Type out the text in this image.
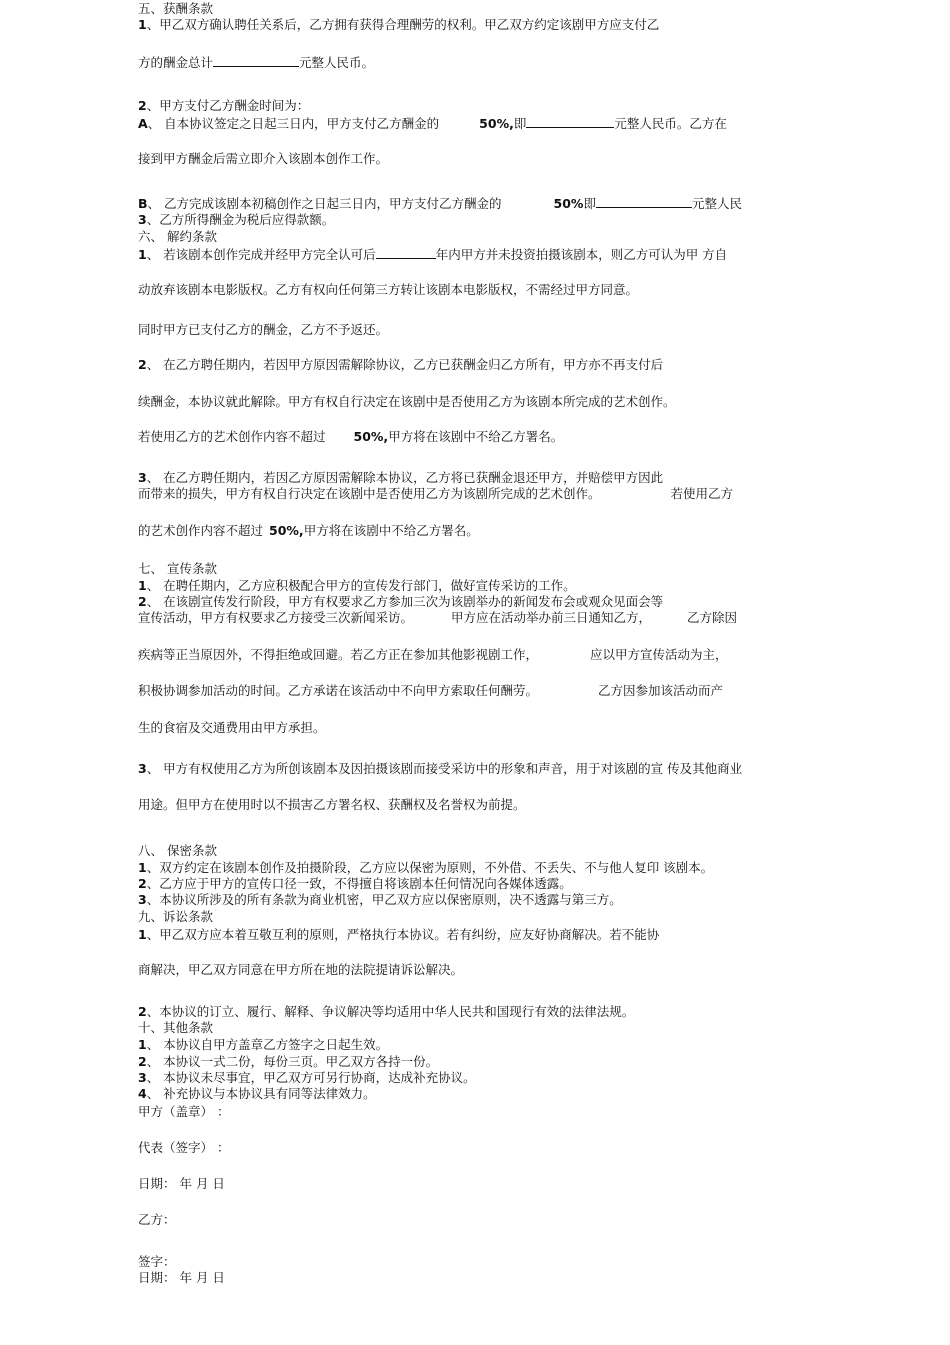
五、获酬条款
1、甲乙双方确认聘任关系后，乙方拥有获得合理酬劳的权利。甲乙双方约定该剧甲方应支付乙
方的酬金总计	元整人民币。
2、甲方支付乙方酬金时间为：
A、 自本协议签定之日起三日内，甲方支付乙方酬金的	50%,即	元整人民币。乙方在
接到甲方酬金后需立即介入该剧本创作工作。
B、 乙方完成该剧本初稿创作之日起三日内，甲方支付乙方酬金的	50%即	元整人民
3、乙方所得酬金为税后应得款额。
六、 解约条款
1、 若该剧本创作完成并经甲方完全认可后	年内甲方并未投资拍摄该剧本，则乙方可认为甲 方自
动放弃该剧本电影版权。乙方有权向任何第三方转让该剧本电影版权，不需经过甲方同意。
同时甲方已支付乙方的酬金，乙方不予返还。
2、 在乙方聘任期内，若因甲方原因需解除协议，乙方已获酬金归乙方所有，甲方亦不再支付后
续酬金，本协议就此解除。甲方有权自行决定在该剧中是否使用乙方为该剧本所完成的艺术创作。
若使用乙方的艺术创作内容不超过 50%,甲方将在该剧中不给乙方署名。
3、 在乙方聘任期内，若因乙方原因需解除本协议，乙方将已获酬金退还甲方，并赔偿甲方因此
而带来的损失，甲方有权自行决定在该剧中是否使用乙方为该剧所完成的艺术创作。	若使用乙方
的艺术创作内容不超过 50%,甲方将在该剧中不给乙方署名。
七、 宣传条款
1、 在聘任期内，乙方应积极配合甲方的宣传发行部门，做好宣传采访的工作。
2、 在该剧宣传发行阶段，甲方有权要求乙方参加三次为该剧举办的新闻发布会或观众见面会等
宣传活动，甲方有权要求乙方接受三次新闻采访。	甲方应在活动举办前三日通知乙方，	乙方除因
疾病等正当原因外，不得拒绝或回避。若乙方正在参加其他影视剧工作，	应以甲方宣传活动为主，
积极协调参加活动的时间。乙方承诺在该活动中不向甲方索取任何酬劳。	乙方因参加该活动而产
生的食宿及交通费用由甲方承担。
3、 甲方有权使用乙方为所创该剧本及因拍摄该剧而接受采访中的形象和声音，用于对该剧的宣 传及其他商业
用途。但甲方在使用时以不损害乙方署名权、获酬权及名誉权为前提。
八、 保密条款
1、双方约定在该剧本创作及拍摄阶段，乙方应以保密为原则，不外借、不丢失、不与他人复印 该剧本。
2、乙方应于甲方的宣传口径一致，不得擅自将该剧本任何情况向各媒体透露。
3、本协议所涉及的所有条款为商业机密，甲乙双方应以保密原则，决不透露与第三方。
九、诉讼条款
1、甲乙双方应本着互敬互利的原则，严格执行本协议。若有纠纷，应友好协商解决。若不能协
商解决，甲乙双方同意在甲方所在地的法院提请诉讼解决。
2、本协议的订立、履行、解释、争议解决等均适用中华人民共和国现行有效的法律法规。
十、其他条款
1、 本协议自甲方盖章乙方签字之日起生效。
2、 本协议一式二份，每份三页。甲乙双方各持一份。
3、 本协议未尽事宜，甲乙双方可另行协商，达成补充协议。
4、 补充协议与本协议具有同等法律效力。
甲方（盖章） ：
代表（签字） ：
日期： 年 月 日
乙方：
签字：
日期： 年 月 日
